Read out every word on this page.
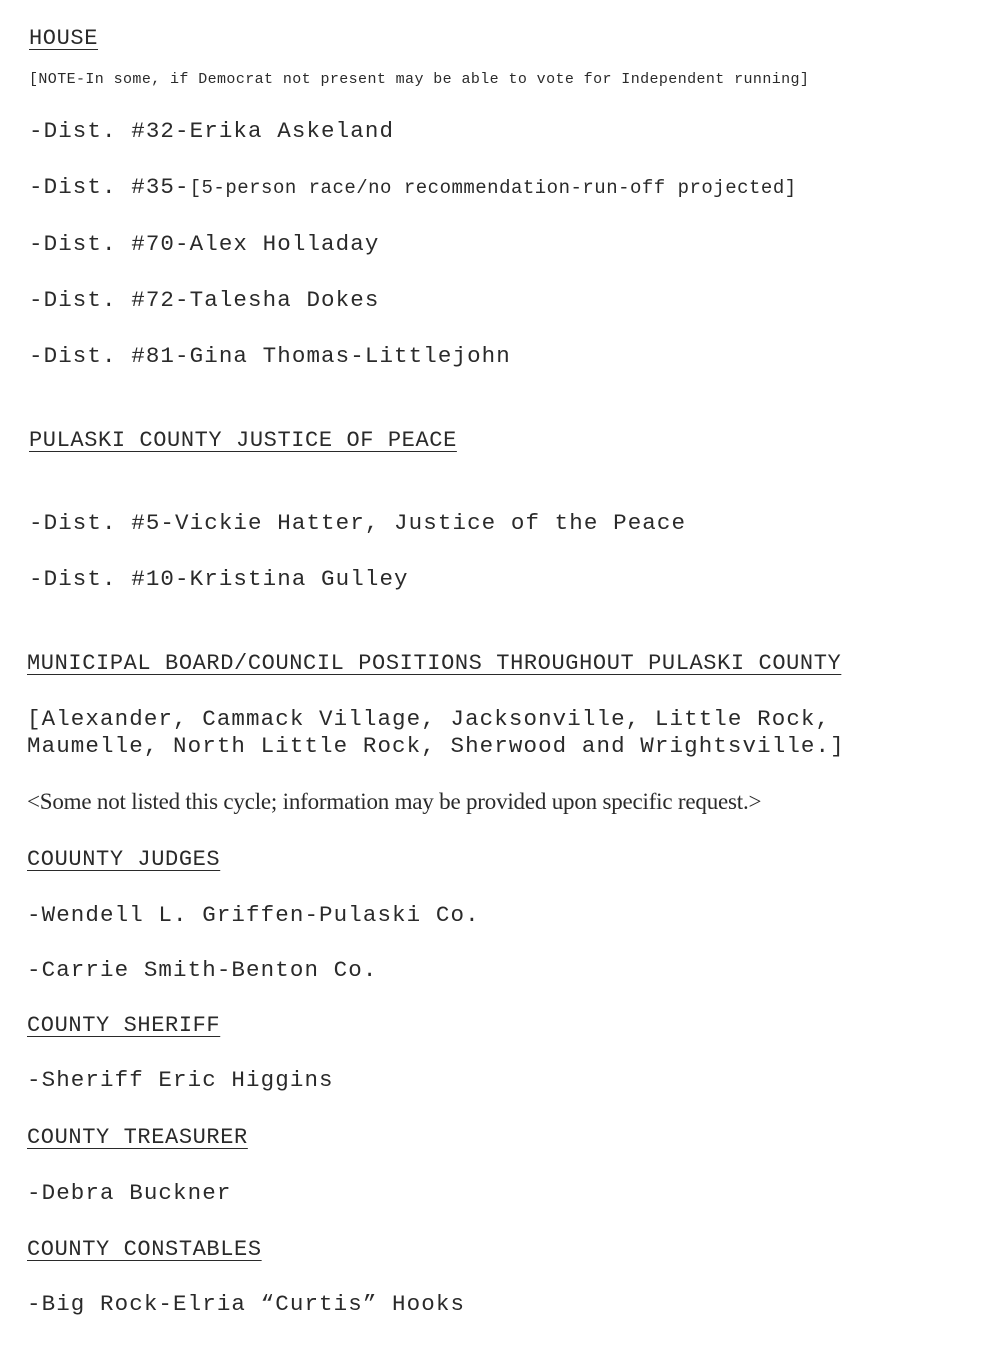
HOUSE
[NOTE-In some, if Democrat not present may be able to vote for Independent running]
-Dist. #32-Erika Askeland
-Dist. #35-[5-person race/no recommendation-run-off projected]
-Dist. #70-Alex Holladay
-Dist. #72-Talesha Dokes
-Dist. #81-Gina Thomas-Littlejohn
PULASKI COUNTY JUSTICE OF PEACE
-Dist. #5-Vickie Hatter, Justice of the Peace
-Dist. #10-Kristina Gulley
MUNICIPAL BOARD/COUNCIL POSITIONS THROUGHOUT PULASKI COUNTY
[Alexander, Cammack Village, Jacksonville, Little Rock,
Maumelle, North Little Rock, Sherwood and Wrightsville.]
<Some not listed this cycle; information may be provided upon specific request.>
COUUNTY JUDGES
-Wendell L. Griffen-Pulaski Co.
-Carrie Smith-Benton Co.
COUNTY SHERIFF
-Sheriff Eric Higgins
COUNTY TREASURER
-Debra Buckner
COUNTY CONSTABLES
-Big Rock-Elria “Curtis” Hooks
